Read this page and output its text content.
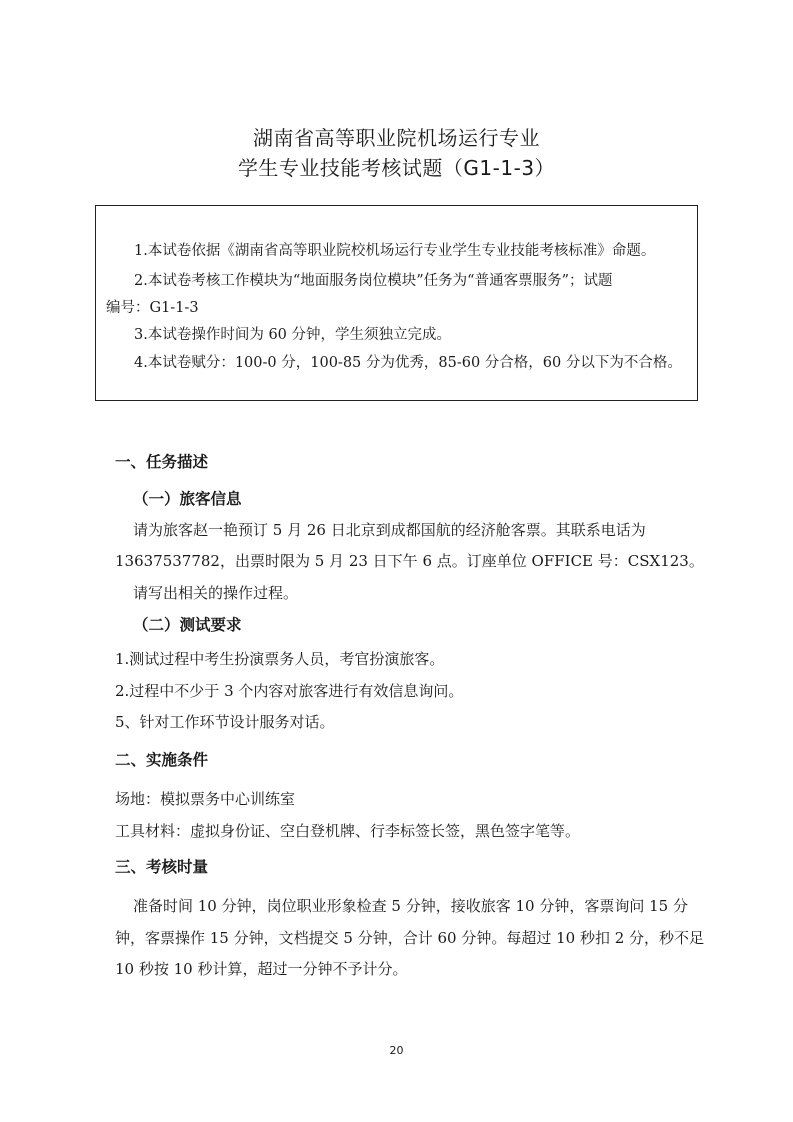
湖南省高等职业院机场运行专业
学生专业技能考核试题（G1-1-3）
1.本试卷依据《湖南省高等职业院校机场运行专业学生专业技能考核标准》命题。
2.本试卷考核工作模块为“地面服务岗位模块”任务为“普通客票服务”；试题
编号：G1-1-3
3.本试卷操作时间为 60 分钟，学生须独立完成。
4.本试卷赋分：100-0 分，100-85 分为优秀，85-60 分合格，60 分以下为不合格。
一、任务描述
（一）旅客信息
请为旅客赵一艳预订 5 月 26 日北京到成都国航的经济舱客票。其联系电话为
13637537782，出票时限为 5 月 23 日下午 6 点。订座单位 OFFICE 号：CSX123。
请写出相关的操作过程。
（二）测试要求
1.测试过程中考生扮演票务人员，考官扮演旅客。
2.过程中不少于 3 个内容对旅客进行有效信息询问。
5、针对工作环节设计服务对话。
二、实施条件
场地：模拟票务中心训练室
工具材料：虚拟身份证、空白登机牌、行李标签长签，黑色签字笔等。
三、考核时量
准备时间 10 分钟，岗位职业形象检查 5 分钟，接收旅客 10 分钟，客票询问 15 分
钟，客票操作 15 分钟，文档提交 5 分钟，合计 60 分钟。每超过 10 秒扣 2 分，秒不足
10 秒按 10 秒计算，超过一分钟不予计分。
20
